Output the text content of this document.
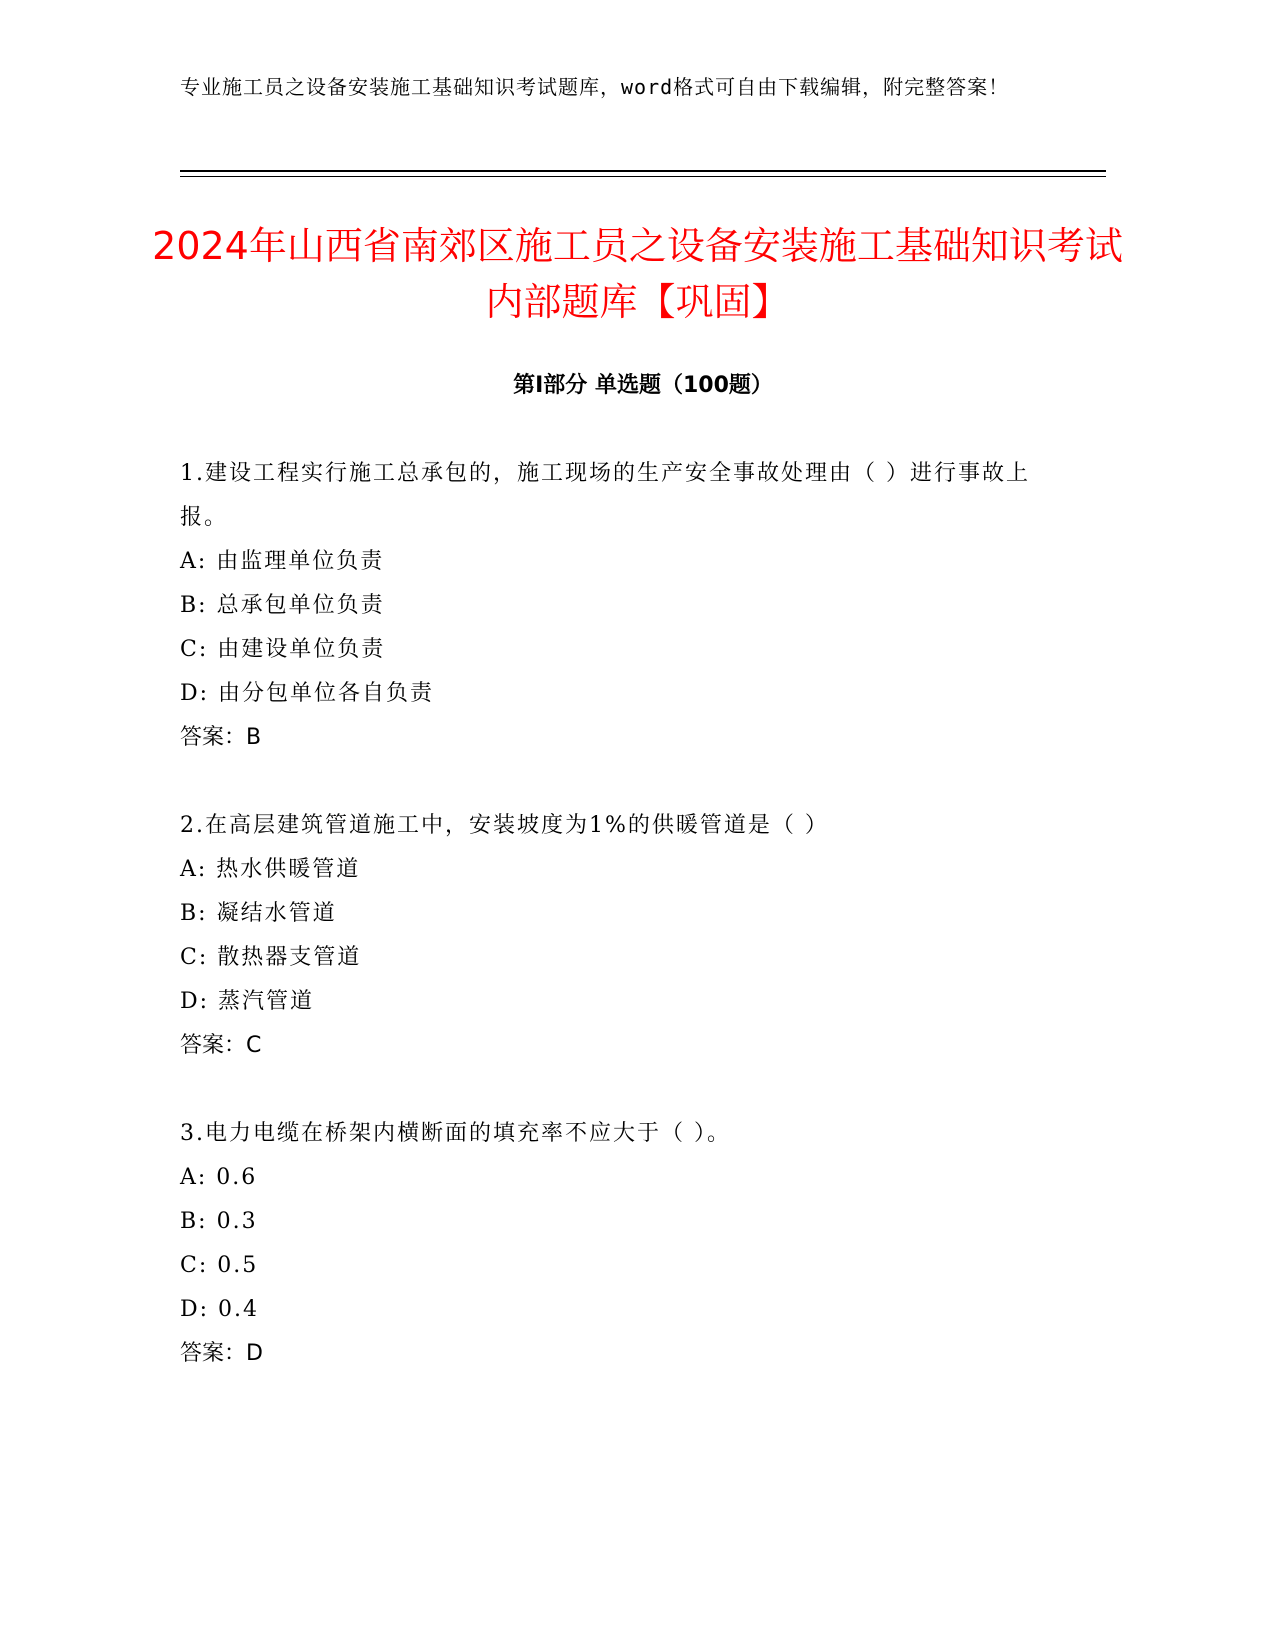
专业施工员之设备安装施工基础知识考试题库，word格式可自由下载编辑，附完整答案！
2024年山西省南郊区施工员之设备安装施工基础知识考试内部题库【巩固】
第Ⅰ部分 单选题（100题）
1.建设工程实行施工总承包的，施工现场的生产安全事故处理由（ ）进行事故上报。
A: 由监理单位负责
B: 总承包单位负责
C: 由建设单位负责
D: 由分包单位各自负责
答案：B
2.在高层建筑管道施工中，安装坡度为1%的供暖管道是（ ）
A: 热水供暖管道
B: 凝结水管道
C: 散热器支管道
D: 蒸汽管道
答案：C
3.电力电缆在桥架内横断面的填充率不应大于（ ）。
A: 0.6
B: 0.3
C: 0.5
D: 0.4
答案：D
